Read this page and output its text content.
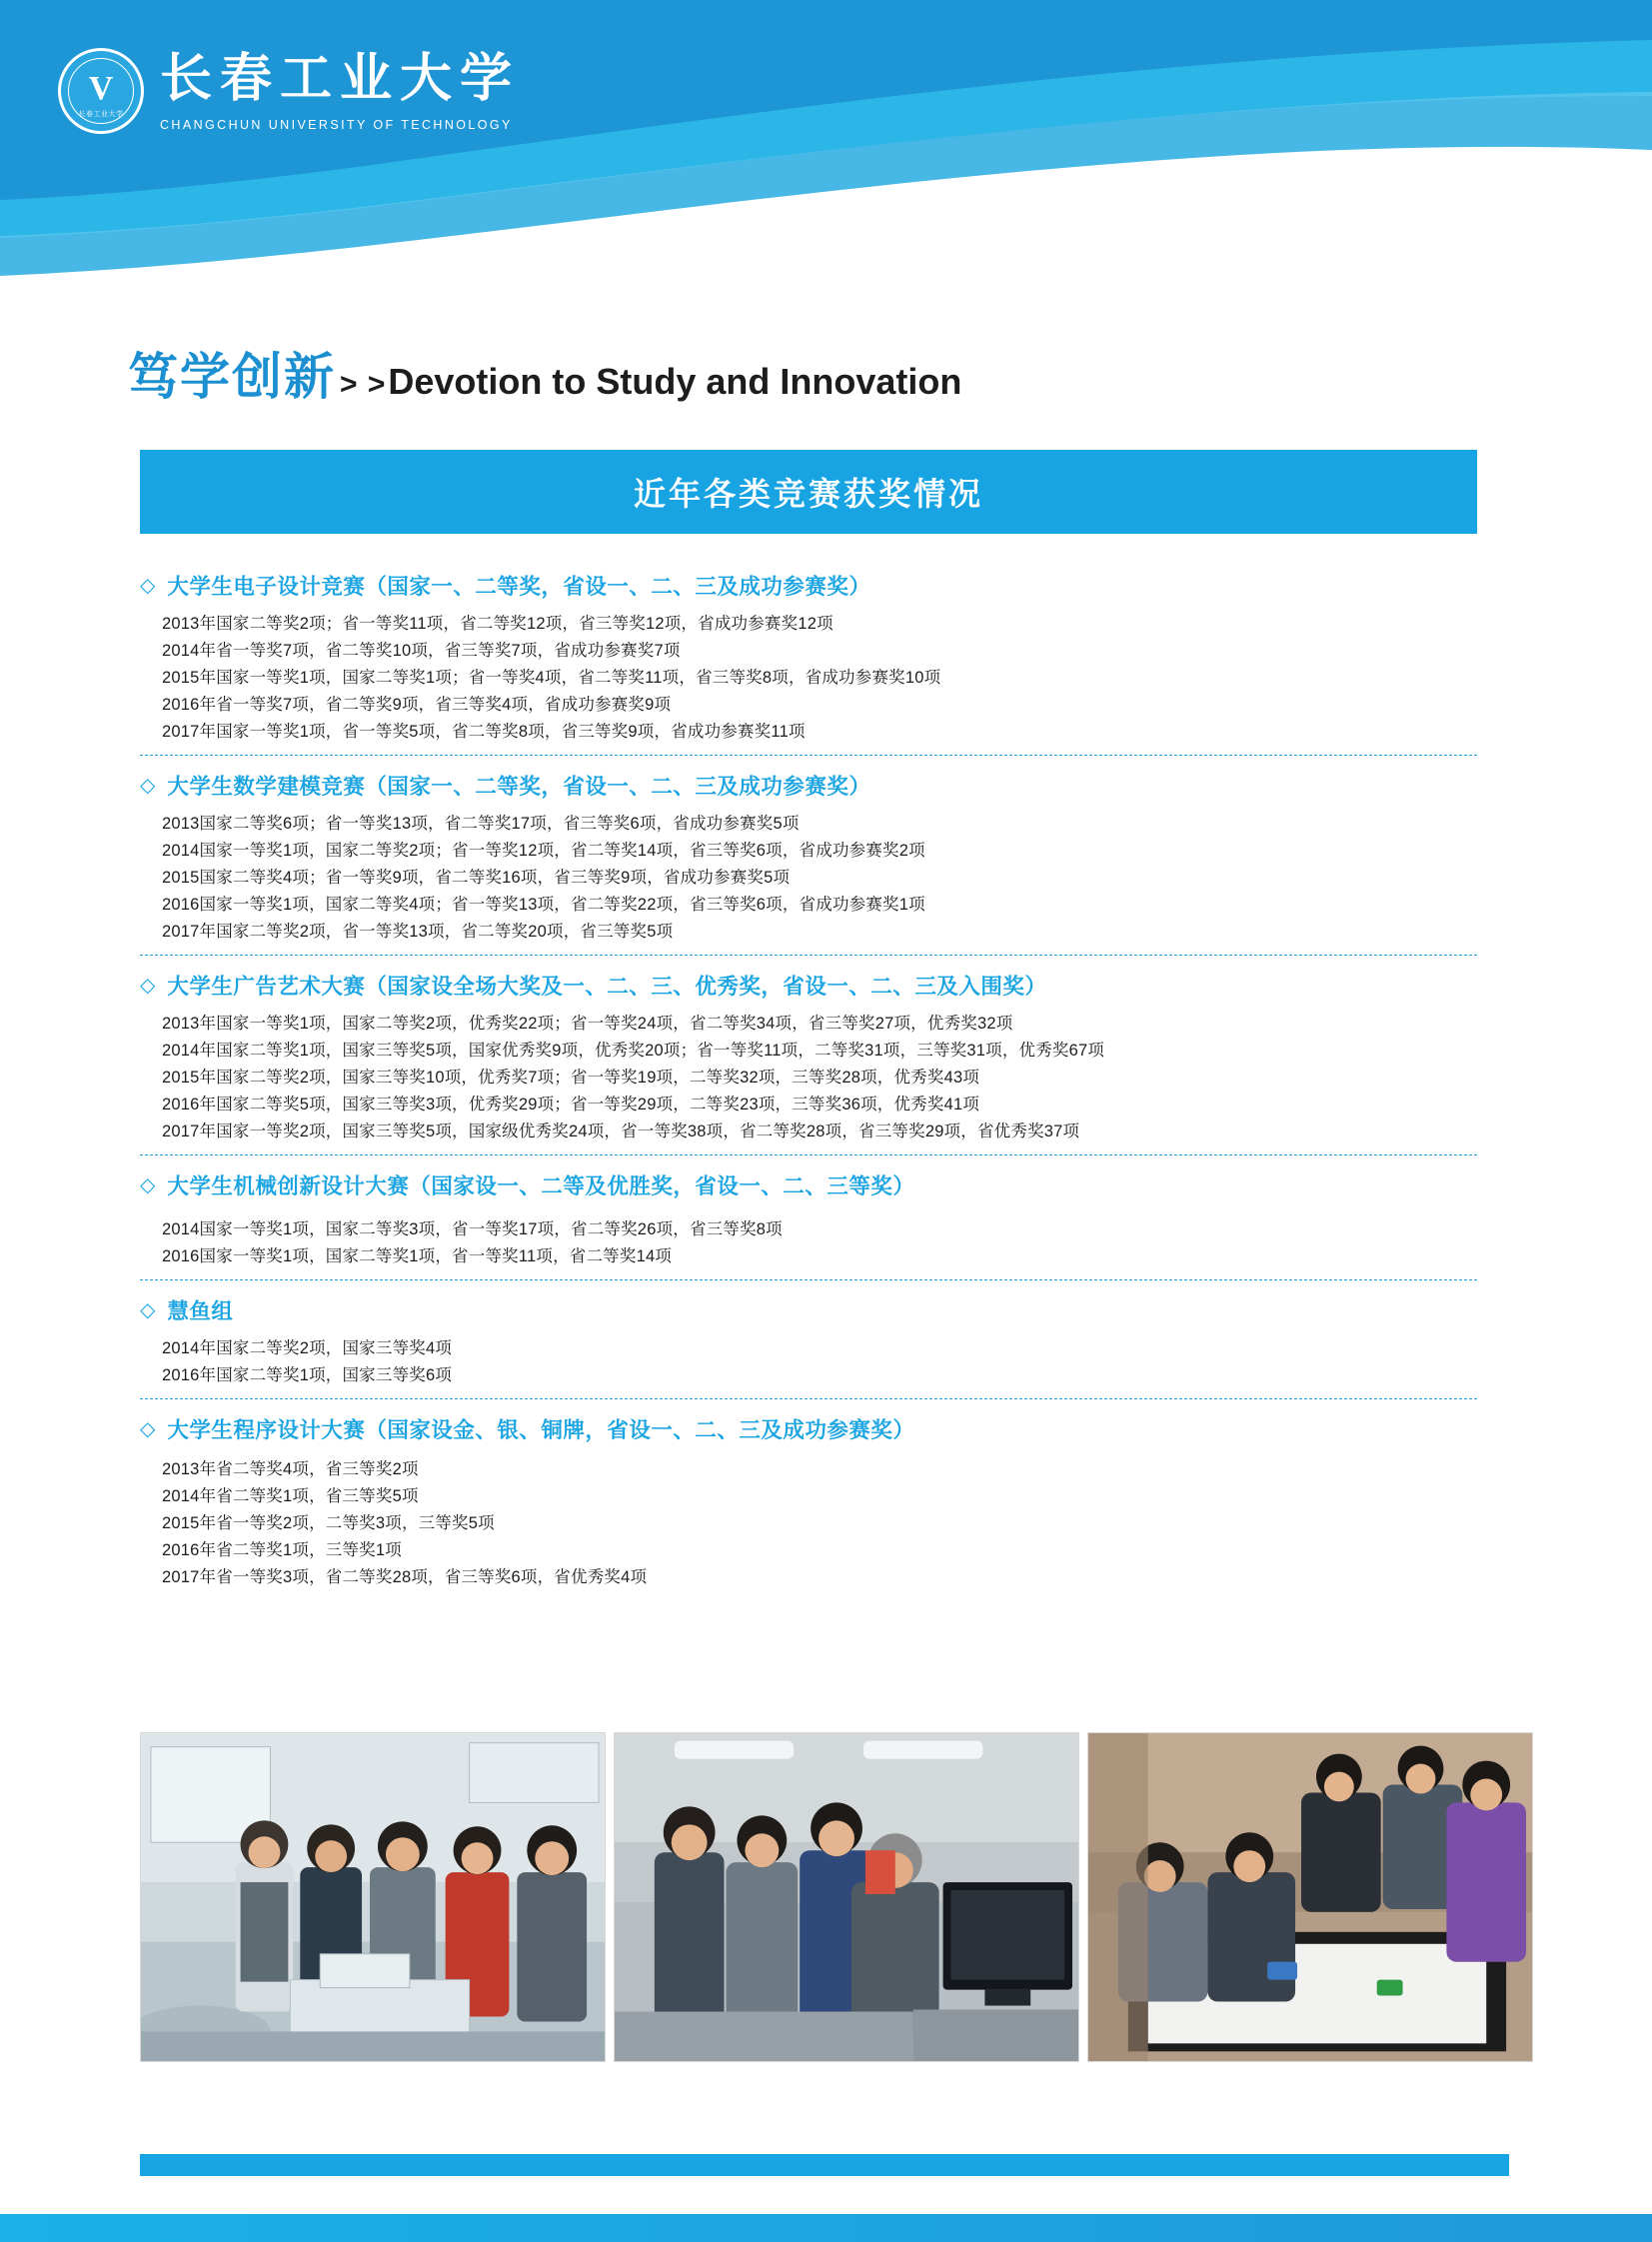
V
长春工业大学
长春工业大学
CHANGCHUN UNIVERSITY OF TECHNOLOGY
笃学创新 > > Devotion to Study and Innovation
近年各类竞赛获奖情况
◇ 大学生电子设计竞赛（国家一、二等奖，省设一、二、三及成功参赛奖）
2013年国家二等奖2项；省一等奖11项，省二等奖12项，省三等奖12项，省成功参赛奖12项
2014年省一等奖7项，省二等奖10项，省三等奖7项，省成功参赛奖7项
2015年国家一等奖1项，国家二等奖1项；省一等奖4项，省二等奖11项，省三等奖8项，省成功参赛奖10项
2016年省一等奖7项，省二等奖9项，省三等奖4项，省成功参赛奖9项
2017年国家一等奖1项，省一等奖5项，省二等奖8项，省三等奖9项，省成功参赛奖11项
◇ 大学生数学建模竞赛（国家一、二等奖，省设一、二、三及成功参赛奖）
2013国家二等奖6项；省一等奖13项，省二等奖17项，省三等奖6项，省成功参赛奖5项
2014国家一等奖1项，国家二等奖2项；省一等奖12项，省二等奖14项，省三等奖6项，省成功参赛奖2项
2015国家二等奖4项；省一等奖9项，省二等奖16项，省三等奖9项，省成功参赛奖5项
2016国家一等奖1项，国家二等奖4项；省一等奖13项，省二等奖22项，省三等奖6项，省成功参赛奖1项
2017年国家二等奖2项，省一等奖13项，省二等奖20项，省三等奖5项
◇ 大学生广告艺术大赛（国家设全场大奖及一、二、三、优秀奖，省设一、二、三及入围奖）
2013年国家一等奖1项，国家二等奖2项，优秀奖22项；省一等奖24项，省二等奖34项，省三等奖27项，优秀奖32项
2014年国家二等奖1项，国家三等奖5项，国家优秀奖9项，优秀奖20项；省一等奖11项，二等奖31项，三等奖31项，优秀奖67项
2015年国家二等奖2项，国家三等奖10项，优秀奖7项；省一等奖19项，二等奖32项，三等奖28项，优秀奖43项
2016年国家二等奖5项，国家三等奖3项，优秀奖29项；省一等奖29项，二等奖23项，三等奖36项，优秀奖41项
2017年国家一等奖2项，国家三等奖5项，国家级优秀奖24项，省一等奖38项，省二等奖28项，省三等奖29项，省优秀奖37项
◇ 大学生机械创新设计大赛（国家设一、二等及优胜奖，省设一、二、三等奖）
2014国家一等奖1项，国家二等奖3项，省一等奖17项，省二等奖26项，省三等奖8项
2016国家一等奖1项，国家二等奖1项，省一等奖11项，省二等奖14项
◇ 慧鱼组
2014年国家二等奖2项，国家三等奖4项
2016年国家二等奖1项，国家三等奖6项
◇ 大学生程序设计大赛（国家设金、银、铜牌，省设一、二、三及成功参赛奖）
2013年省二等奖4项，省三等奖2项
2014年省二等奖1项，省三等奖5项
2015年省一等奖2项，二等奖3项，三等奖5项
2016年省二等奖1项，三等奖1项
2017年省一等奖3项，省二等奖28项，省三等奖6项，省优秀奖4项
